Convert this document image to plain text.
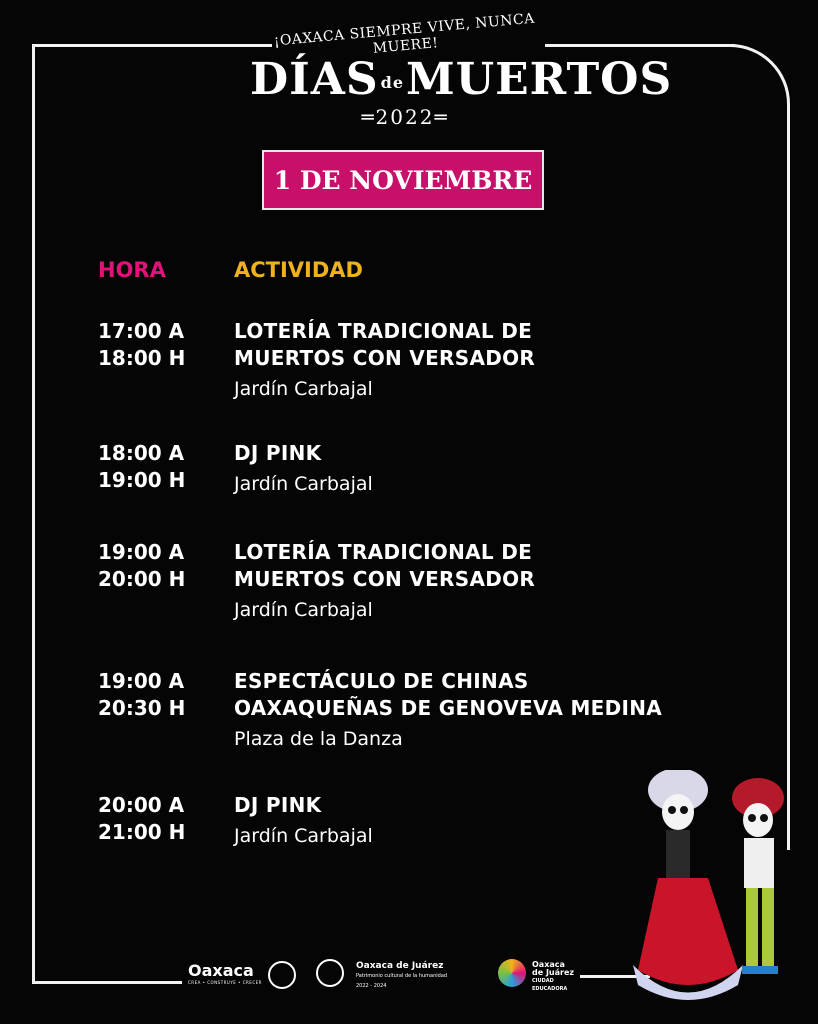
¡OAXACA SIEMPRE VIVE, NUNCA MUERE!
DÍAS deMUERTOS
═2022═
1 DE NOVIEMBRE
HORA	ACTIVIDAD
17:00 A
18:00 H
LOTERÍA TRADICIONAL DE
MUERTOS CON VERSADOR
Jardín Carbajal
18:00 A
19:00 H
DJ PINK
Jardín Carbajal
19:00 A
20:00 H
LOTERÍA TRADICIONAL DE
MUERTOS CON VERSADOR
Jardín Carbajal
19:00 A
20:30 H
ESPECTÁCULO DE CHINAS
OAXAQUEÑAS DE GENOVEVA MEDINA
Plaza de la Danza
20:00 A
21:00 H
DJ PINK
Jardín Carbajal
Oaxaca
CREA • CONSTRUYE • CRECER
Oaxaca de Juárez
Patrimonio cultural de la humanidad
2022 - 2024
Oaxaca
de Juárez
CIUDAD EDUCADORA
